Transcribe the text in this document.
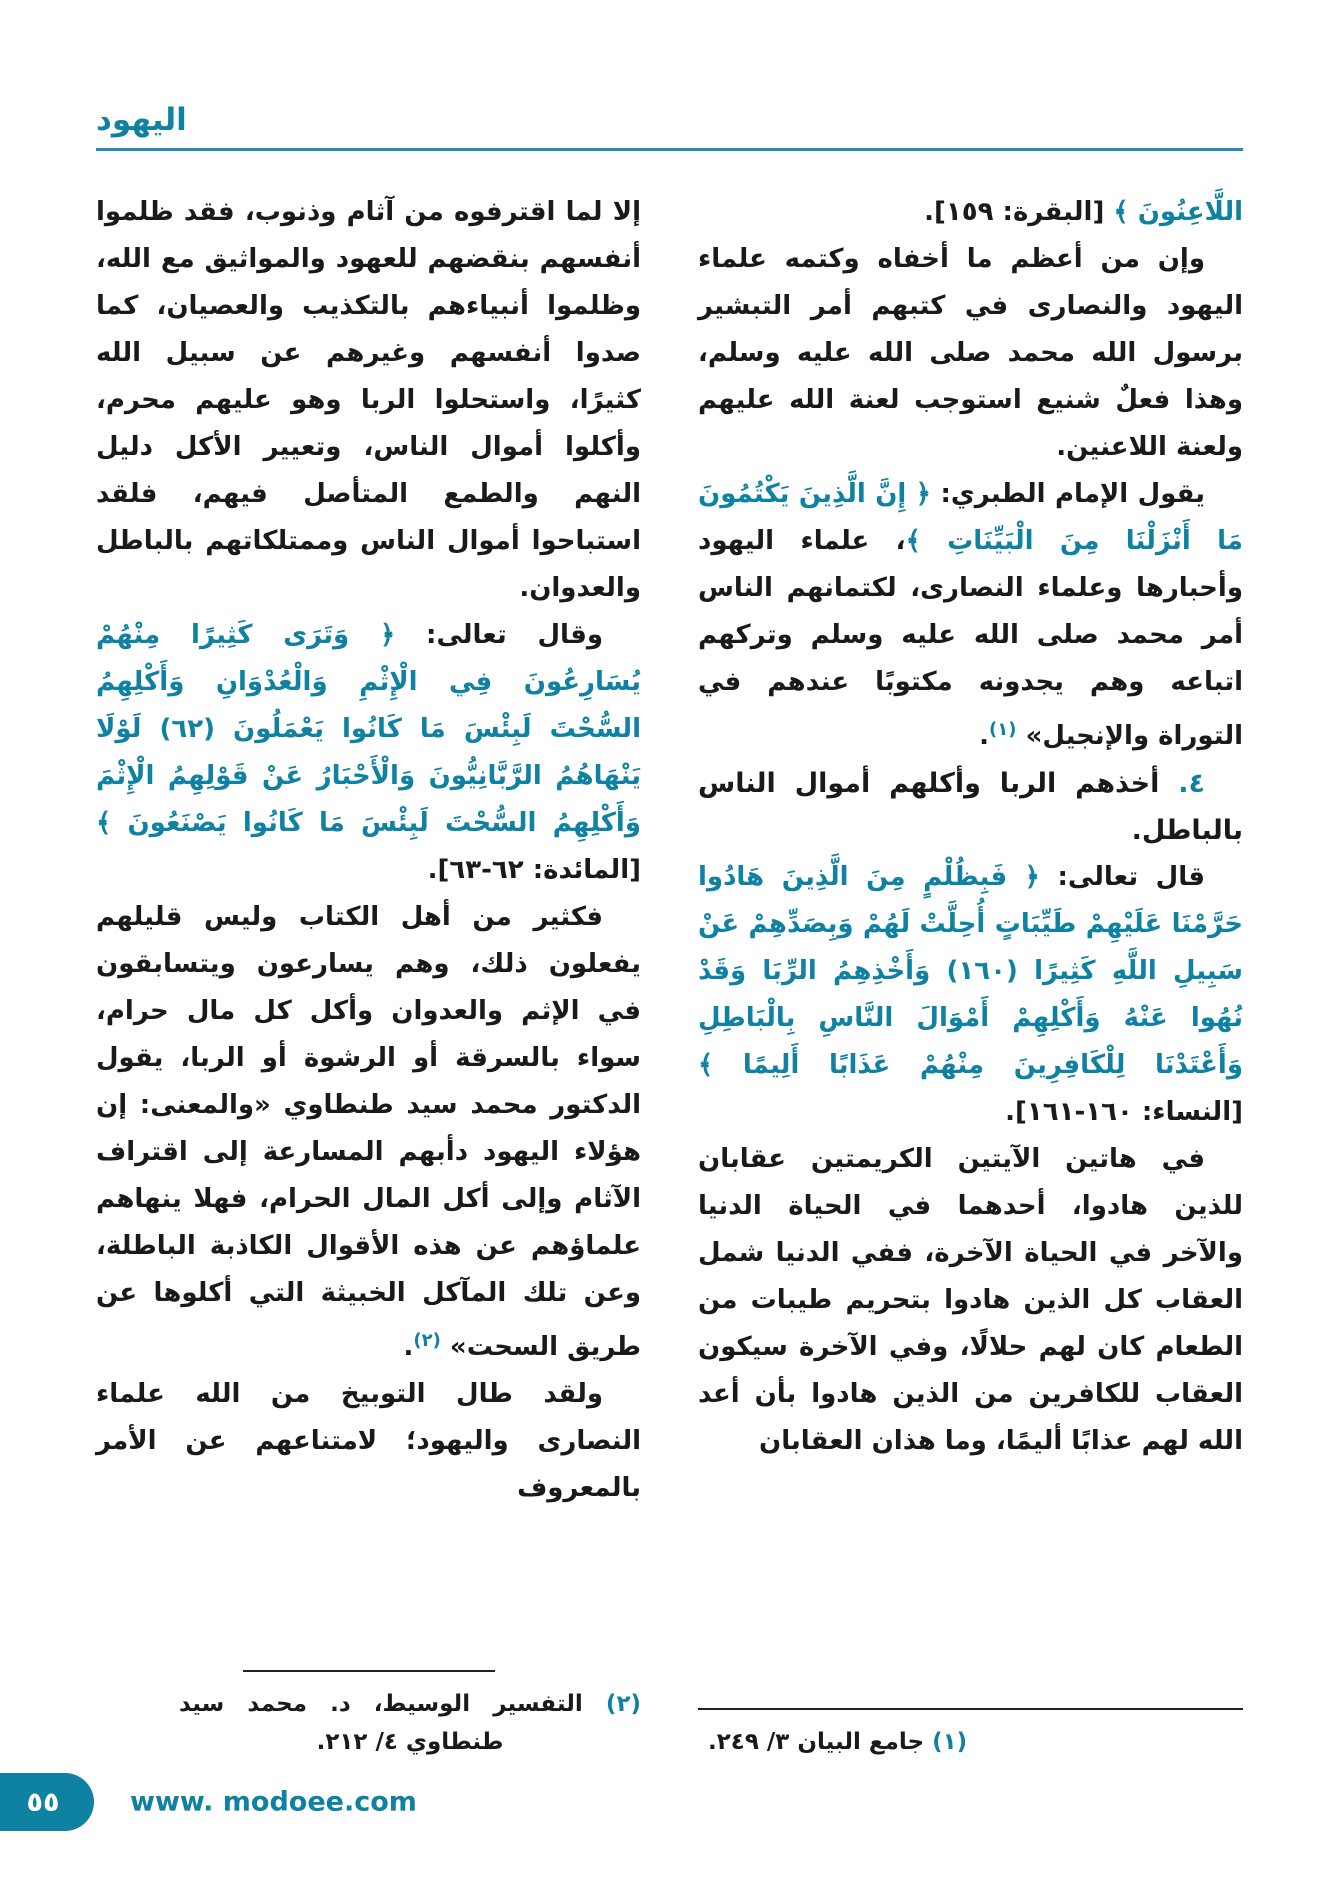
اليهود

اللَّاعِنُونَ ﴾ [البقرة: ١٥٩].

وإن من أعظم ما أخفاه وكتمه علماء اليهود والنصارى في كتبهم أمر التبشير برسول الله محمد صلى الله عليه وسلم، وهذا فعلٌ شنيع استوجب لعنة الله عليهم ولعنة اللاعنين.

يقول الإمام الطبري: ﴿ إِنَّ الَّذِينَ يَكْتُمُونَ مَا أَنْزَلْنَا مِنَ الْبَيِّنَاتِ ﴾، علماء اليهود وأحبارها وعلماء النصارى، لكتمانهم الناس أمر محمد صلى الله عليه وسلم وتركهم اتباعه وهم يجدونه مكتوبًا عندهم في التوراة والإنجيل» $^{(١)}$.

٤. أخذهم الربا وأكلهم أموال الناس بالباطل.

قال تعالى: ﴿ فَبِظُلْمٍ مِنَ الَّذِينَ هَادُوا حَرَّمْنَا عَلَيْهِمْ طَيِّبَاتٍ أُحِلَّتْ لَهُمْ وَبِصَدِّهِمْ عَنْ سَبِيلِ اللَّهِ كَثِيرًا (١٦٠) وَأَخْذِهِمُ الرِّبَا وَقَدْ نُهُوا عَنْهُ وَأَكْلِهِمْ أَمْوَالَ النَّاسِ بِالْبَاطِلِ وَأَعْتَدْنَا لِلْكَافِرِينَ مِنْهُمْ عَذَابًا أَلِيمًا ﴾ [النساء: ١٦٠-١٦١].

في هاتين الآيتين الكريمتين عقابان للذين هادوا، أحدهما في الحياة الدنيا والآخر في الحياة الآخرة، ففي الدنيا شمل العقاب كل الذين هادوا بتحريم طيبات من الطعام كان لهم حلالًا، وفي الآخرة سيكون العقاب للكافرين من الذين هادوا بأن أعد الله لهم عذابًا أليمًا، وما هذان العقابان

(١) جامع البيان ٣/ ٢٤٩.

إلا لما اقترفوه من آثام وذنوب، فقد ظلموا أنفسهم بنقضهم للعهود والمواثيق مع الله، وظلموا أنبياءهم بالتكذيب والعصيان، كما صدوا أنفسهم وغيرهم عن سبيل الله كثيرًا، واستحلوا الربا وهو عليهم محرم، وأكلوا أموال الناس، وتعيير الأكل دليل النهم والطمع المتأصل فيهم، فلقد استباحوا أموال الناس وممتلكاتهم بالباطل والعدوان.

وقال تعالى: ﴿ وَتَرَى كَثِيرًا مِنْهُمْ يُسَارِعُونَ فِي الْإِثْمِ وَالْعُدْوَانِ وَأَكْلِهِمُ السُّحْتَ لَبِئْسَ مَا كَانُوا يَعْمَلُونَ (٦٢) لَوْلَا يَنْهَاهُمُ الرَّبَّانِيُّونَ وَالْأَحْبَارُ عَنْ قَوْلِهِمُ الْإِثْمَ وَأَكْلِهِمُ السُّحْتَ لَبِئْسَ مَا كَانُوا يَصْنَعُونَ ﴾ [المائدة: ٦٢-٦٣].

فكثير من أهل الكتاب وليس قليلهم يفعلون ذلك، وهم يسارعون ويتسابقون في الإثم والعدوان وأكل كل مال حرام، سواء بالسرقة أو الرشوة أو الربا، يقول الدكتور محمد سيد طنطاوي «والمعنى: إن هؤلاء اليهود دأبهم المسارعة إلى اقتراف الآثام وإلى أكل المال الحرام، فهلا ينهاهم علماؤهم عن هذه الأقوال الكاذبة الباطلة، وعن تلك المآكل الخبيثة التي أكلوها عن طريق السحت» $^{(٢)}$.

ولقد طال التوبيخ من الله علماء النصارى واليهود؛ لامتناعهم عن الأمر بالمعروف

(٢) التفسير الوسيط، د. محمد سيد طنطاوي ٤/ ٢١٢.

٥٥	www. modoee.com
